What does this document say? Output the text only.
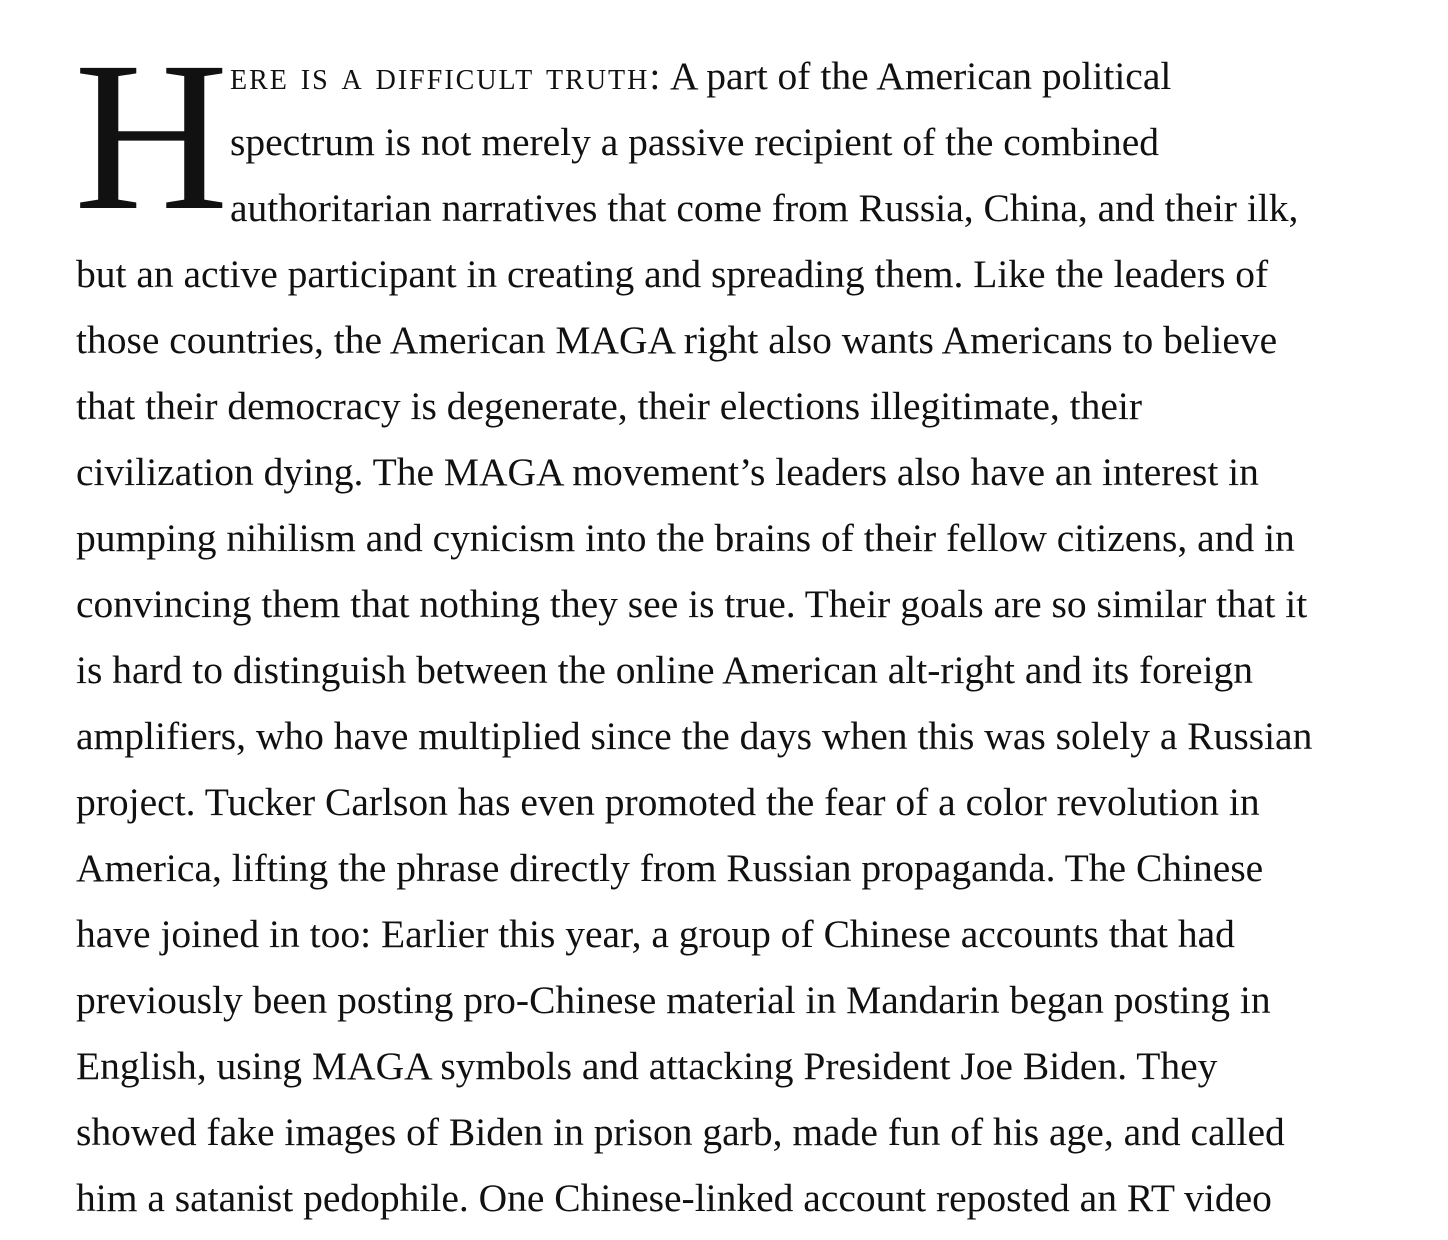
H ere is a difficult truth: A part of the American political

spectrum is not merely a passive recipient of the combined

authoritarian narratives that come from Russia, China, and their ilk,

but an active participant in creating and spreading them. Like the leaders of

those countries, the American MAGA right also wants Americans to believe

that their democracy is degenerate, their elections illegitimate, their

civilization dying. The MAGA movement’s leaders also have an interest in

pumping nihilism and cynicism into the brains of their fellow citizens, and in

convincing them that nothing they see is true. Their goals are so similar that it

is hard to distinguish between the online American alt-right and its foreign

amplifiers, who have multiplied since the days when this was solely a Russian

project. Tucker Carlson has even promoted the fear of a color revolution in

America, lifting the phrase directly from Russian propaganda. The Chinese

have joined in too: Earlier this year, a group of Chinese accounts that had

previously been posting pro-Chinese material in Mandarin began posting in

English, using MAGA symbols and attacking President Joe Biden. They

showed fake images of Biden in prison garb, made fun of his age, and called

him a satanist pedophile. One Chinese-linked account reposted an RT video
